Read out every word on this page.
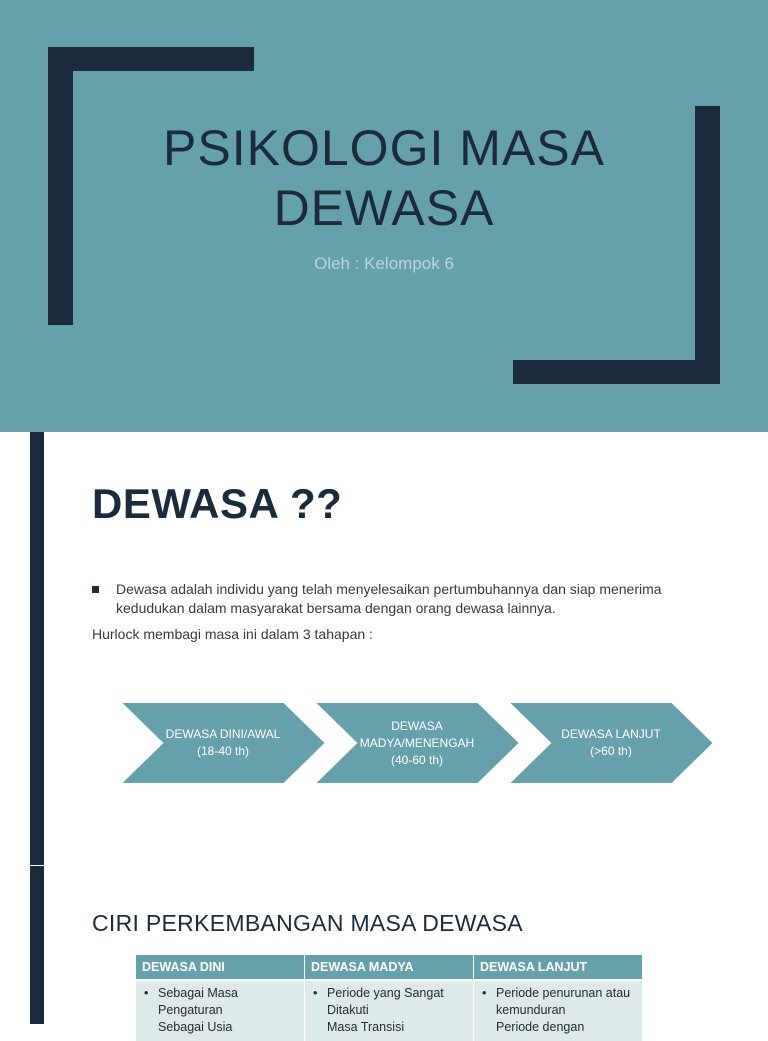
PSIKOLOGI MASA
DEWASA
Oleh : Kelompok 6
DEWASA ??
Dewasa adalah individu yang telah menyelesaikan pertumbuhannya dan siap menerima kedudukan dalam masyarakat bersama dengan orang dewasa lainnya.
Hurlock membagi masa ini dalam 3 tahapan :
DEWASA DINI/AWAL
(18-40 th)
DEWASA MADYA/MENENGAH
(40-60 th)
DEWASA LANJUT
(>60 th)
CIRI PERKEMBANGAN MASA DEWASA
DEWASA DINI	DEWASA MADYA	DEWASA LANJUT
• Sebagai Masa Pengaturan
Sebagai Usia
• Periode yang Sangat Ditakuti
Masa Transisi
• Periode penurunan atau kemunduran
Periode dengan
